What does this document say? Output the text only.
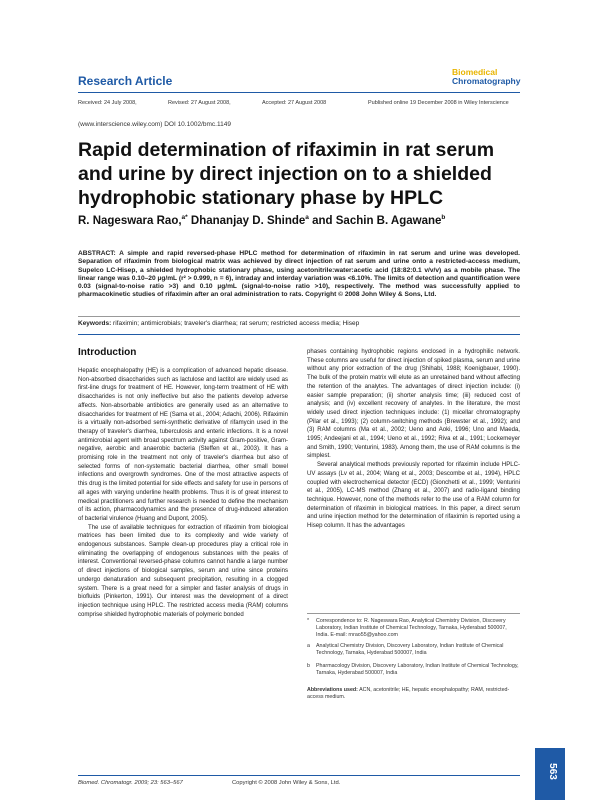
Research Article
Biomedical
Chromatography
Received: 24 July 2008,	Revised: 27 August 2008,	Accepted: 27 August 2008	Published online 19 December 2008 in Wiley Interscience
(www.interscience.wiley.com) DOI 10.1002/bmc.1149
Rapid determination of rifaximin in rat serum and urine by direct injection on to a shielded hydrophobic stationary phase by HPLC
R. Nageswara Rao,$^{a*}$ Dhananjay D. Shinde$^a$ and Sachin B. Agawane$^b$
ABSTRACT: A simple and rapid reversed-phase HPLC method for determination of rifaximin in rat serum and urine was developed. Separation of rifaximin from biological matrix was achieved by direct injection of rat serum and urine onto a restricted-access medium, Supelco LC-Hisep, a shielded hydrophobic stationary phase, using acetonitrile:water:acetic acid (18:82:0.1 v/v/v) as a mobile phase. The linear range was 0.10–20 µg/mL (r² > 0.999, n = 6), intraday and interday variation was <6.10%. The limits of detection and quantification were 0.03 (signal-to-noise ratio >3) and 0.10 µg/mL (signal-to-noise ratio >10), respectively. The method was successfully applied to pharmacokinetic studies of rifaximin after an oral administration to rats. Copyright © 2008 John Wiley & Sons, Ltd.
Keywords: rifaximin; antimicrobials; traveler's diarrhea; rat serum; restricted access media; Hisep
Introduction

Hepatic encephalopathy (HE) is a complication of advanced hepatic disease. Non-absorbed disaccharides such as lactulose and lactitol are widely used as first-line drugs for treatment of HE. However, long-term treatment of HE with disaccharides is not only ineffective but also the patients develop adverse affects. Non-absorbable antibiotics are generally used as an alternative to disaccharides for treatment of HE (Sama et al., 2004; Adachi, 2006). Rifaximin is a virtually non-adsorbed semi-synthetic derivative of rifamycin used in the therapy of traveler's diarrhea, tuberculosis and enteric infections. It is a novel antimicrobial agent with broad spectrum activity against Gram-positive, Gram-negative, aerobic and anaerobic bacteria (Steffen et al., 2003). It has a promising role in the treatment not only of traveler's diarrhea but also of selected forms of non-systematic bacterial diarrhea, other small bowel infections and overgrowth syndromes. One of the most attractive aspects of this drug is the limited potential for side effects and safety for use in persons of all ages with varying underline health problems. Thus it is of great interest to medical practitioners and further research is needed to define the mechanism of its action, pharmacodynamics and the presence of drug-induced alteration of bacterial virulence (Huang and Dupont, 2005).

The use of available techniques for extraction of rifaximin from biological matrices has been limited due to its complexity and wide variety of endogenous substances. Sample clean-up procedures play a critical role in eliminating the overlapping of endogenous substances with the peaks of interest. Conventional reversed-phase columns cannot handle a large number of direct injections of biological samples, serum and urine since proteins undergo denaturation and subsequent precipitation, resulting in a clogged system. There is a great need for a simpler and faster analysis of drugs in biofluids (Pinkerton, 1991). Our interest was the development of a direct injection technique using HPLC. The restricted access media (RAM) columns comprise shielded hydrophobic materials of polymeric bonded

phases containing hydrophobic regions enclosed in a hydrophilic network. These columns are useful for direct injection of spiked plasma, serum and urine without any prior extraction of the drug (Shihabi, 1988; Koenigbauer, 1990). The bulk of the protein matrix will elute as an unretained band without affecting the retention of the analytes. The advantages of direct injection include: (i) easier sample preparation; (ii) shorter analysis time; (iii) reduced cost of analysis; and (iv) excellent recovery of analytes. In the literature, the most widely used direct injection techniques include: (1) micellar chromatography (Pilar et al., 1993); (2) column-switching methods (Brewster et al., 1992); and (3) RAM columns (Ma et al., 2002; Ueno and Aoki, 1996; Uno and Maeda, 1995; Andeejani et al., 1994; Ueno et al., 1992; Riva et al., 1991; Lockemeyer and Smith, 1990; Venturini, 1983). Among them, the use of RAM columns is the simplest.

Several analytical methods previously reported for rifaximin include HPLC-UV assays (Lv et al., 2004; Wang et al., 2003; Descombe et al., 1994), HPLC coupled with electrochemical detector (ECD) (Gionchetti et al., 1999; Venturini et al., 2005), LC-MS method (Zhang et al., 2007) and radio-ligand binding technique. However, none of the methods refer to the use of a RAM column for determination of rifaximin in biological matrices. In this paper, a direct serum and urine injection method for the determination of rifaximin is reported using a Hisep column. It has the advantages

*	Correspondence to: R. Nageswara Rao, Analytical Chemistry Division, Discovery Laboratory, Indian Institute of Chemical Technology, Tarnaka, Hyderabad 500007, India. E-mail: rnrao55@yahoo.com
a	Analytical Chemistry Division, Discovery Laboratory, Indian Institute of Chemical Technology, Tarnaka, Hyderabad 500007, India
b	Pharmacology Division, Discovery Laboratory, Indian Institute of Chemical Technology, Tarnaka, Hyderabad 500007, India
Abbreviations used: ACN, acetonitrile; HE, hepatic encephalopathy; RAM, restricted-access medium.
563
Biomed. Chromatogr. 2009; 23: 563–567	Copyright © 2008 John Wiley & Sons, Ltd.
